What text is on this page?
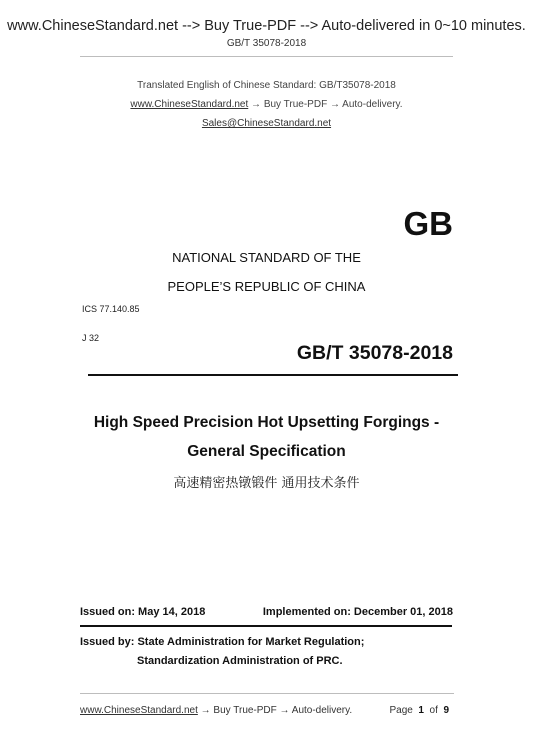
www.ChineseStandard.net --> Buy True-PDF --> Auto-delivered in 0~10 minutes.
GB/T 35078-2018
Translated English of Chinese Standard: GB/T35078-2018
www.ChineseStandard.net → Buy True-PDF → Auto-delivery.
Sales@ChineseStandard.net
GB
NATIONAL STANDARD OF THE
PEOPLE’S REPUBLIC OF CHINA
ICS 77.140.85
J 32
GB/T 35078-2018
High Speed Precision Hot Upsetting Forgings -
General Specification
高速精密热镦锻件 通用技术条件
Issued on: May 14, 2018	Implemented on: December 01, 2018
Issued by: State Administration for Market Regulation;
Standardization Administration of PRC.
www.ChineseStandard.net → Buy True-PDF → Auto-delivery.	Page 1 of 9
